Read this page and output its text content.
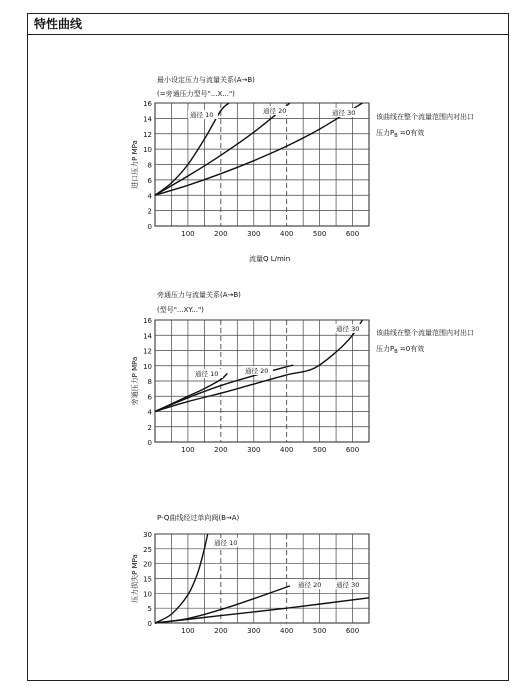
特性曲线
0
2
4
6
8
10
12
14
16
100	200	300	400	500	600
通径 10	通径 20	通径 30
最小设定压力与流量关系(A→B)
(=旁通压力型号"...X...")
进口压力P MPa
流量Q L/min
该曲线在整个流量范围内对出口
压力$P_B =0$有效
0
2
4
6
8
10
12
14
16
100	200	300	400	500	600
通径 10	通径 20
通径 30
旁通压力与流量关系(A→B)
(型号"...XY...")
旁通压力P MPa
该曲线在整个流量范围内对出口
压力$P_B =0$有效
0
5
10
15
20
25
30
100	200	300	400	500	600
通径 10
通径 20 通径 30
P-Q曲线经过单向阀(B→A)
压力损失P MPa
